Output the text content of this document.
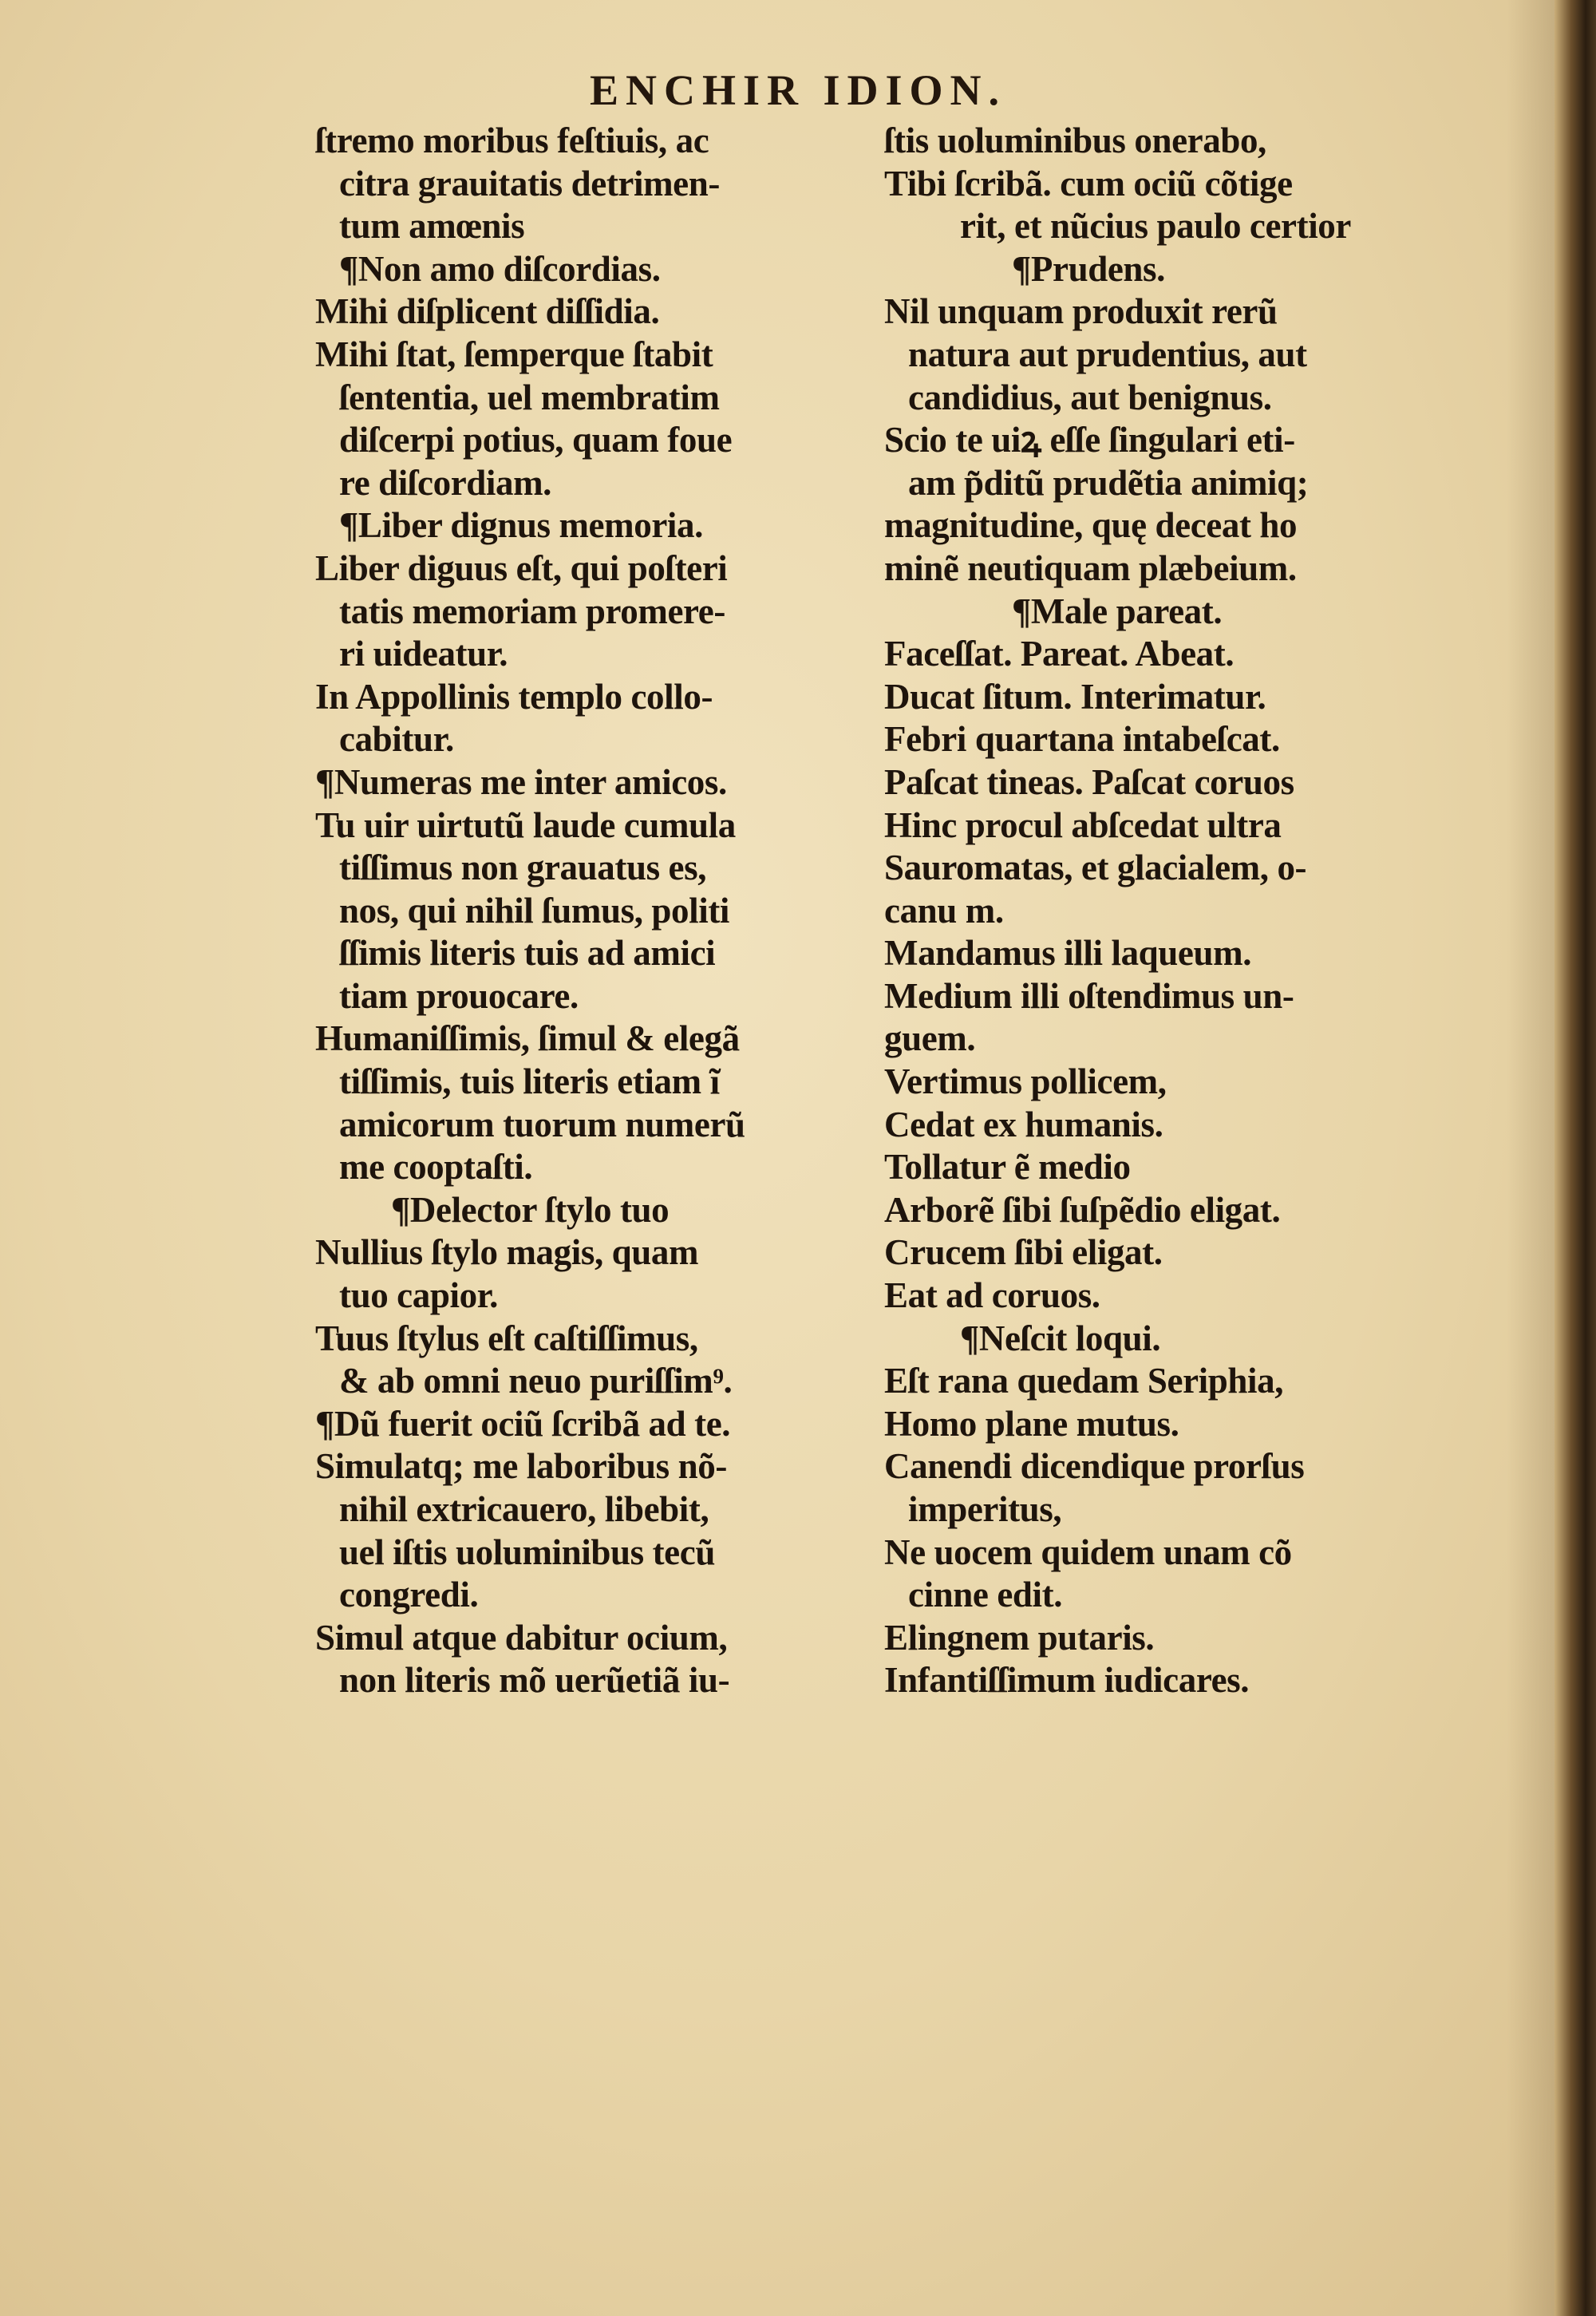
ENCHIR IDION.
ſtremo moribus feſtiuis, ac
citra grauitatis detrimen-
tum amœnis
¶Non amo diſcordias.
Mihi diſplicent diſſidia.
Mihi ſtat, ſemperque ſtabit
ſententia, uel membratim
diſcerpi potius, quam foue
re diſcordiam.
¶Liber dignus memoria.
Liber diguus eſt, qui poſteri
tatis memoriam promere-
ri uideatur.
In Appollinis templo collo-
cabitur.
¶Numeras me inter amicos.
Tu uir uirtutũ laude cumula
tiſſimus non grauatus es,
nos, qui nihil ſumus, politi
ſſimis literis tuis ad amici
tiam prouocare.
Humaniſſimis, ſimul & elegã
tiſſimis, tuis literis etiam ĩ
amicorum tuorum numerũ
me cooptaſti.
¶Delector ſtylo tuo
Nullius ſtylo magis, quam
tuo capior.
Tuus ſtylus eſt caſtiſſimus,
& ab omni neuo puriſſim⁹.
¶Dũ fuerit ociũ ſcribã ad te.
Simulatq; me laboribus nõ-
nihil extricauero, libebit,
uel iſtis uoluminibus tecũ
congredi.
Simul atque dabitur ocium,
non literis mõ uerũetiã iu-
ſtis uoluminibus onerabo,
Tibi ſcribã. cum ociũ cõtige
rit, et nũcius paulo certior
¶Prudens.
Nil unquam produxit rerũ
natura aut prudentius, aut
candidius, aut benignus.
Scio te uiꝝ eſſe ſingulari eti-
am p̃ditũ prudẽtia animiq;
magnitudine, quę deceat ho
minẽ neutiquam plæbeium.
¶Male pareat.
Faceſſat. Pareat. Abeat.
Ducat ſitum. Interimatur.
Febri quartana intabeſcat.
Paſcat tineas. Paſcat coruos
Hinc procul abſcedat ultra
Sauromatas, et glacialem, o-
canu m.
Mandamus illi laqueum.
Medium illi oſtendimus un-
guem.
Vertimus pollicem,
Cedat ex humanis.
Tollatur ẽ medio
Arborẽ ſibi ſuſpẽdio eligat.
Crucem ſibi eligat.
Eat ad coruos.
¶Neſcit loqui.
Eſt rana quedam Seriphia,
Homo plane mutus.
Canendi dicendique prorſus
imperitus,
Ne uocem quidem unam cõ
cinne edit.
Elingnem putaris.
Infantiſſimum iudicares.
